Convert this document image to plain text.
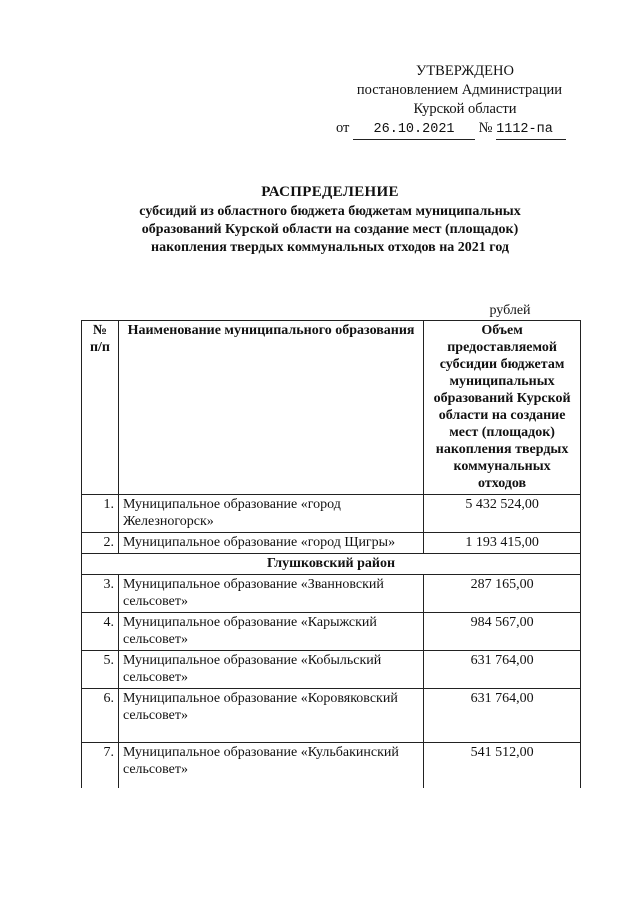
УТВЕРЖДЕНО
постановлением Администрации
Курской области
от 26.10.2021 № 1112-па
РАСПРЕДЕЛЕНИЕ
субсидий из областного бюджета бюджетам муниципальных
образований Курской области на создание мест (площадок)
накопления твердых коммунальных отходов на 2021 год
рублей
№ п/п	Наименование муниципального образования	Объем предоставляемой субсидии бюджетам муниципальных образований Курской области на создание мест (площадок) накопления твердых коммунальных отходов
1.	Муниципальное образование «город Железногорск»	5 432 524,00
2.	Муниципальное образование «город Щигры»	1 193 415,00
Глушковский район		
3.	Муниципальное образование «Званновский сельсовет»	287 165,00
4.	Муниципальное образование «Карыжский сельсовет»	984 567,00
5.	Муниципальное образование «Кобыльский сельсовет»	631 764,00
6.	Муниципальное образование «Коровяковский сельсовет»	631 764,00
7.	Муниципальное образование «Кульбакинский сельсовет»	541 512,00
